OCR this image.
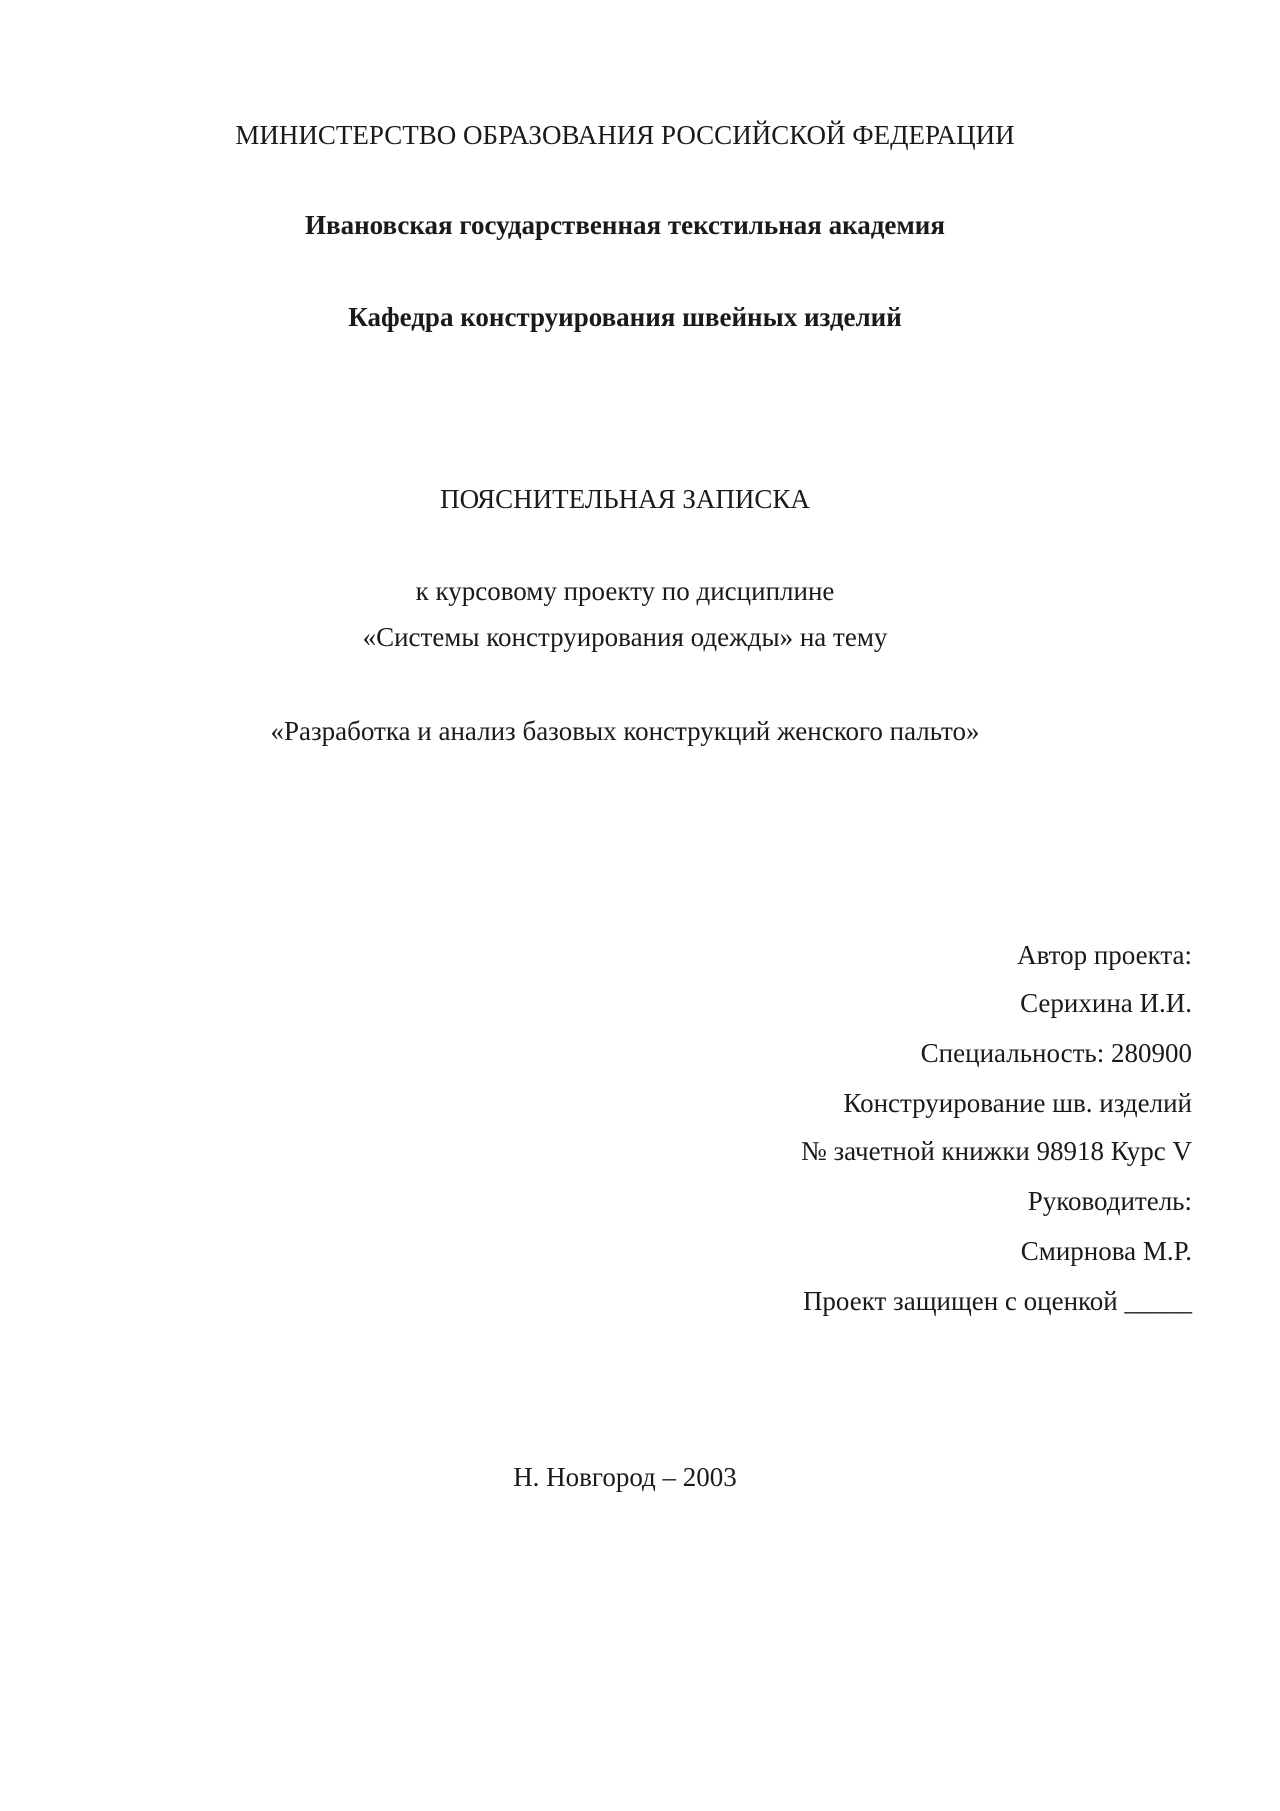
МИНИСТЕРСТВО ОБРАЗОВАНИЯ РОССИЙСКОЙ ФЕДЕРАЦИИ
Ивановская государственная текстильная академия
Кафедра конструирования швейных изделий
ПОЯСНИТЕЛЬНАЯ ЗАПИСКА
к курсовому проекту по дисциплине
«Системы конструирования одежды» на тему
«Разработка и анализ базовых конструкций женского пальто»
Автор проекта:
Серихина И.И.
Специальность: 280900
Конструирование шв. изделий
№ зачетной книжки 98918 Курс V
Руководитель:
Смирнова М.Р.
Проект защищен с оценкой _____
Н. Новгород – 2003
